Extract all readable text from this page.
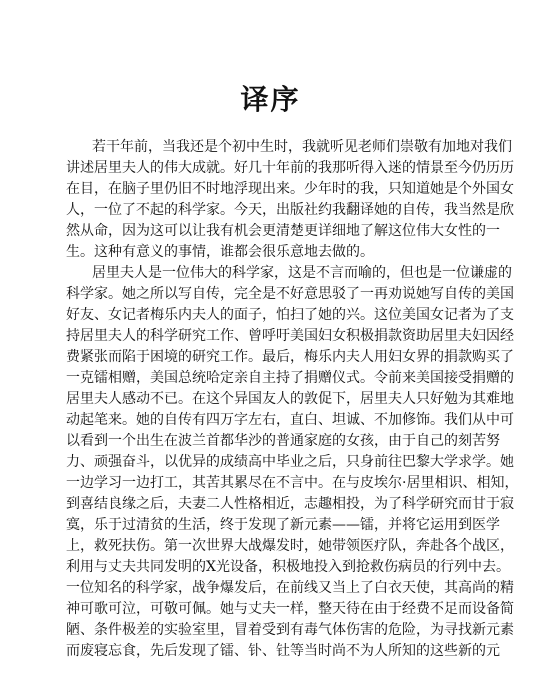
译序
若干年前，当我还是个初中生时，我就听见老师们崇敬有加地对我们
讲述居里夫人的伟大成就。好几十年前的我那听得入迷的情景至今仍历历
在目，在脑子里仍旧不时地浮现出来。少年时的我，只知道她是个外国女
人，一位了不起的科学家。今天，出版社约我翻译她的自传，我当然是欣
然从命，因为这可以让我有机会更清楚更详细地了解这位伟大女性的一
生。这种有意义的事情，谁都会很乐意地去做的。
居里夫人是一位伟大的科学家，这是不言而喻的，但也是一位谦虚的
科学家。她之所以写自传，完全是不好意思驳了一再劝说她写自传的美国
好友、女记者梅乐内夫人的面子，怕扫了她的兴。这位美国女记者为了支
持居里夫人的科学研究工作、曾呼吁美国妇女积极捐款资助居里夫妇因经
费紧张而陷于困境的研究工作。最后，梅乐内夫人用妇女界的捐款购买了
一克镭相赠，美国总统哈定亲自主持了捐赠仪式。令前来美国接受捐赠的
居里夫人感动不已。在这个异国友人的敦促下，居里夫人只好勉为其难地
动起笔来。她的自传有四万字左右，直白、坦诚、不加修饰。我们从中可
以看到一个出生在波兰首都华沙的普通家庭的女孩，由于自己的刻苦努
力、顽强奋斗，以优异的成绩高中毕业之后，只身前往巴黎大学求学。她
一边学习一边打工，其苦其累尽在不言中。在与皮埃尔·居里相识、相知，
到喜结良缘之后，夫妻二人性格相近，志趣相投，为了科学研究而甘于寂
寞，乐于过清贫的生活，终于发现了新元素——镭，并将它运用到医学
上，救死扶伤。第一次世界大战爆发时，她带领医疗队，奔赴各个战区，
利用与丈夫共同发明的X光设备，积极地投入到抢救伤病员的行列中去。
一位知名的科学家，战争爆发后，在前线又当上了白衣天使，其高尚的精
神可歌可泣，可敬可佩。她与丈夫一样，整天待在由于经费不足而设备简
陋、条件极差的实验室里，冒着受到有毒气体伤害的危险，为寻找新元素
而废寝忘食，先后发现了镭、钋、钍等当时尚不为人所知的这些新的元
